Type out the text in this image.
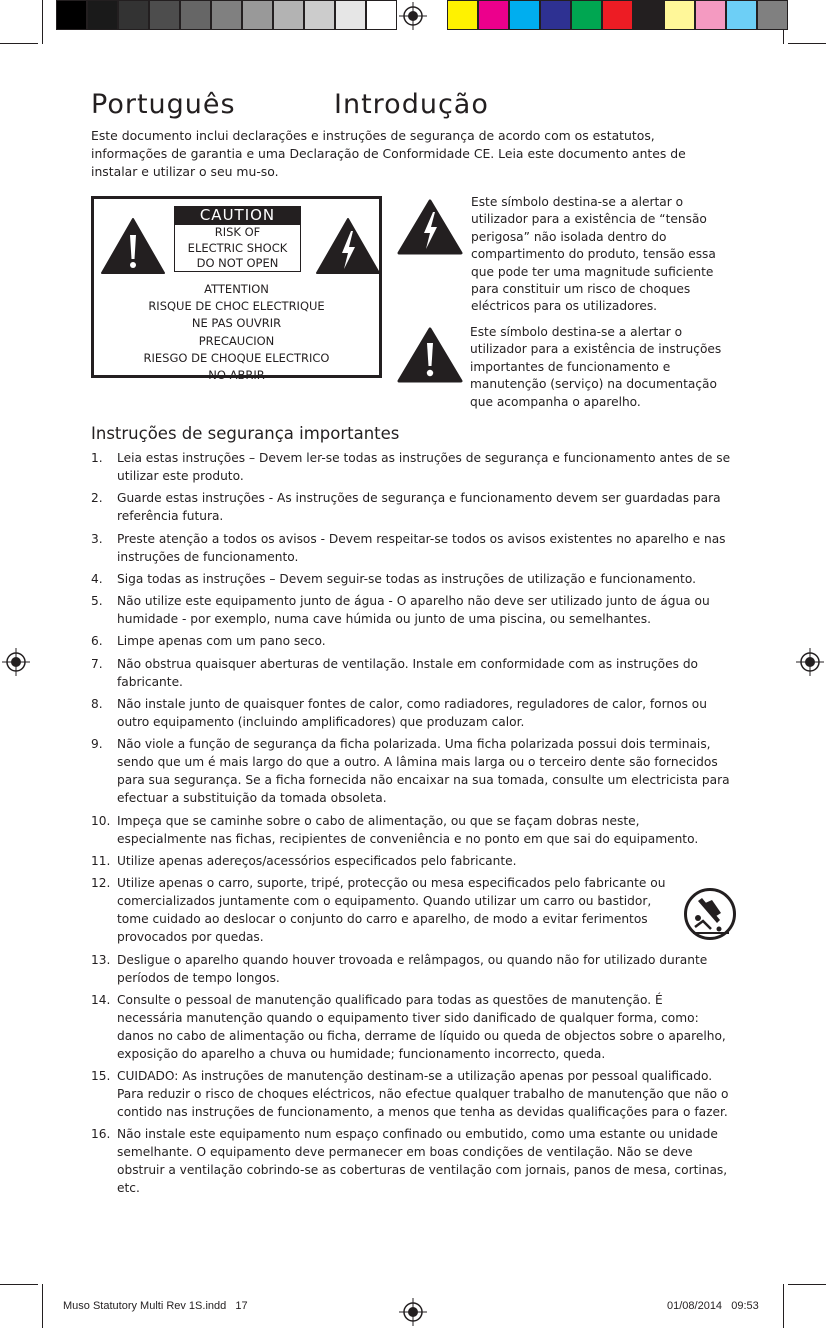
Português	Introdução

Este documento inclui declarações e instruções de segurança de acordo com os estatutos,
informações de garantia e uma Declaração de Conformidade CE. Leia este documento antes de
instalar e utilizar o seu mu-so.

CAUTION
RISK OF
ELECTRIC SHOCK
DO NOT OPEN
ATTENTION
RISQUE DE CHOC ELECTRIQUE
NE PAS OUVRIR
PRECAUCION
RIESGO DE CHOQUE ELECTRICO
NO ABRIR

Este símbolo destina-se a alertar o
utilizador para a existência de “tensão
perigosa” não isolada dentro do
compartimento do produto, tensão essa
que pode ter uma magnitude suficiente
para constituir um risco de choques
eléctricos para os utilizadores.

Este símbolo destina-se a alertar o
utilizador para a existência de instruções
importantes de funcionamento e
manutenção (serviço) na documentação
que acompanha o aparelho.

Instruções de segurança importantes
1. Leia estas instruções – Devem ler-se todas as instruções de segurança e funcionamento antes de se
utilizar este produto.
2. Guarde estas instruções - As instruções de segurança e funcionamento devem ser guardadas para
referência futura.
3. Preste atenção a todos os avisos - Devem respeitar-se todos os avisos existentes no aparelho e nas
instruções de funcionamento.
4. Siga todas as instruções – Devem seguir-se todas as instruções de utilização e funcionamento.
5. Não utilize este equipamento junto de água - O aparelho não deve ser utilizado junto de água ou
humidade - por exemplo, numa cave húmida ou junto de uma piscina, ou semelhantes.
6. Limpe apenas com um pano seco.
7. Não obstrua quaisquer aberturas de ventilação. Instale em conformidade com as instruções do
fabricante.
8. Não instale junto de quaisquer fontes de calor, como radiadores, reguladores de calor, fornos ou
outro equipamento (incluindo amplificadores) que produzam calor.
9. Não viole a função de segurança da ficha polarizada. Uma ficha polarizada possui dois terminais,
sendo que um é mais largo do que a outro. A lâmina mais larga ou o terceiro dente são fornecidos
para sua segurança. Se a ficha fornecida não encaixar na sua tomada, consulte um electricista para
efectuar a substituição da tomada obsoleta.
10. Impeça que se caminhe sobre o cabo de alimentação, ou que se façam dobras neste,
especialmente nas fichas, recipientes de conveniência e no ponto em que sai do equipamento.
11. Utilize apenas adereços/acessórios especificados pelo fabricante.
12. Utilize apenas o carro, suporte, tripé, protecção ou mesa especificados pelo fabricante ou
comercializados juntamente com o equipamento. Quando utilizar um carro ou bastidor,
tome cuidado ao deslocar o conjunto do carro e aparelho, de modo a evitar ferimentos
provocados por quedas.
13. Desligue o aparelho quando houver trovoada e relâmpagos, ou quando não for utilizado durante
períodos de tempo longos.
14. Consulte o pessoal de manutenção qualificado para todas as questões de manutenção. É
necessária manutenção quando o equipamento tiver sido danificado de qualquer forma, como:
danos no cabo de alimentação ou ficha, derrame de líquido ou queda de objectos sobre o aparelho,
exposição do aparelho a chuva ou humidade; funcionamento incorrecto, queda.
15. CUIDADO: As instruções de manutenção destinam-se a utilização apenas por pessoal qualificado.
Para reduzir o risco de choques eléctricos, não efectue qualquer trabalho de manutenção que não o
contido nas instruções de funcionamento, a menos que tenha as devidas qualificações para o fazer.
16. Não instale este equipamento num espaço confinado ou embutido, como uma estante ou unidade
semelhante. O equipamento deve permanecer em boas condições de ventilação. Não se deve
obstruir a ventilação cobrindo-se as coberturas de ventilação com jornais, panos de mesa, cortinas,
etc.
Muso Statutory Multi Rev 1S.indd 17	01/08/2014 09:53
